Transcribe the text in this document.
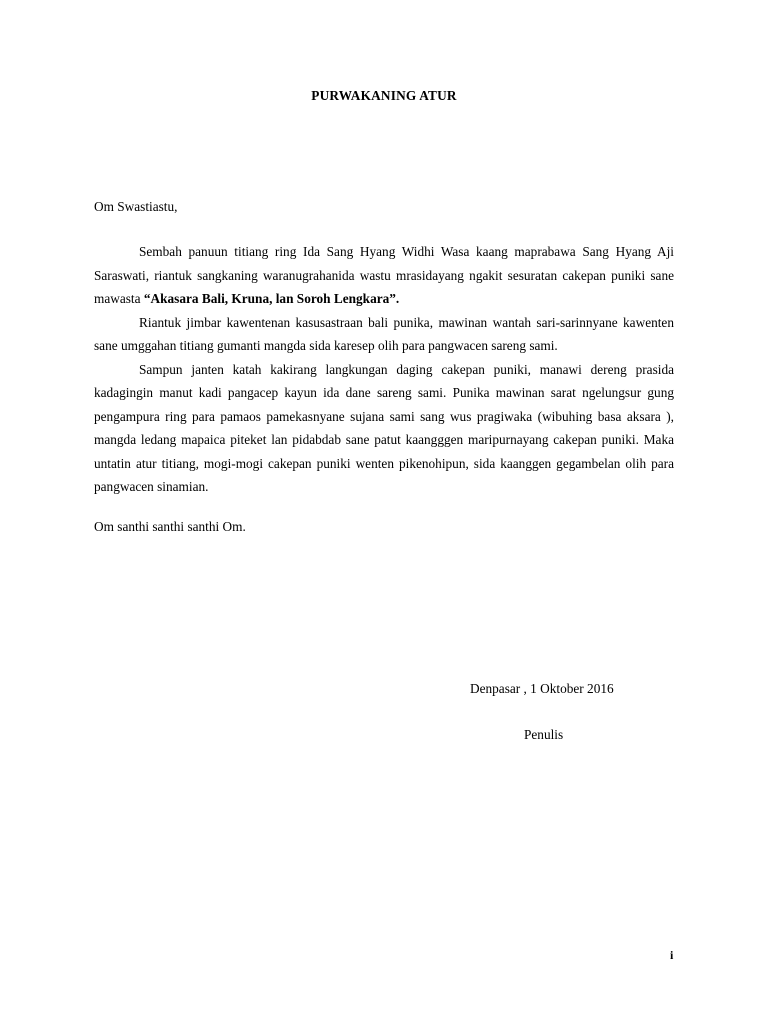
PURWAKANING ATUR
Om Swastiastu,

Sembah panuun titiang ring Ida Sang Hyang Widhi Wasa kaang maprabawa Sang Hyang Aji Saraswati, riantuk sangkaning waranugrahanida wastu mrasidayang ngakit sesuratan cakepan puniki sane mawasta “Akasara Bali, Kruna, lan Soroh Lengkara”.

Riantuk jimbar kawentenan kasusastraan bali punika, mawinan wantah sari-sarinnyane kawenten sane umggahan titiang gumanti mangda sida karesep olih para pangwacen sareng sami.

Sampun janten katah kakirang langkungan daging cakepan puniki, manawi dereng prasida kadagingin manut kadi pangacep kayun ida dane sareng sami. Punika mawinan sarat ngelungsur gung pengampura ring para pamaos pamekasnyane sujana sami sang wus pragiwaka (wibuhing basa aksara ), mangda ledang mapaica piteket lan pidabdab sane patut kaangggen maripurnayang cakepan puniki. Maka untatin atur titiang, mogi-mogi cakepan puniki wenten pikenohipun, sida kaanggen gegambelan olih para pangwacen sinamian.

Om santhi santhi santhi Om.
Denpasar , 1 Oktober 2016
Penulis
i
